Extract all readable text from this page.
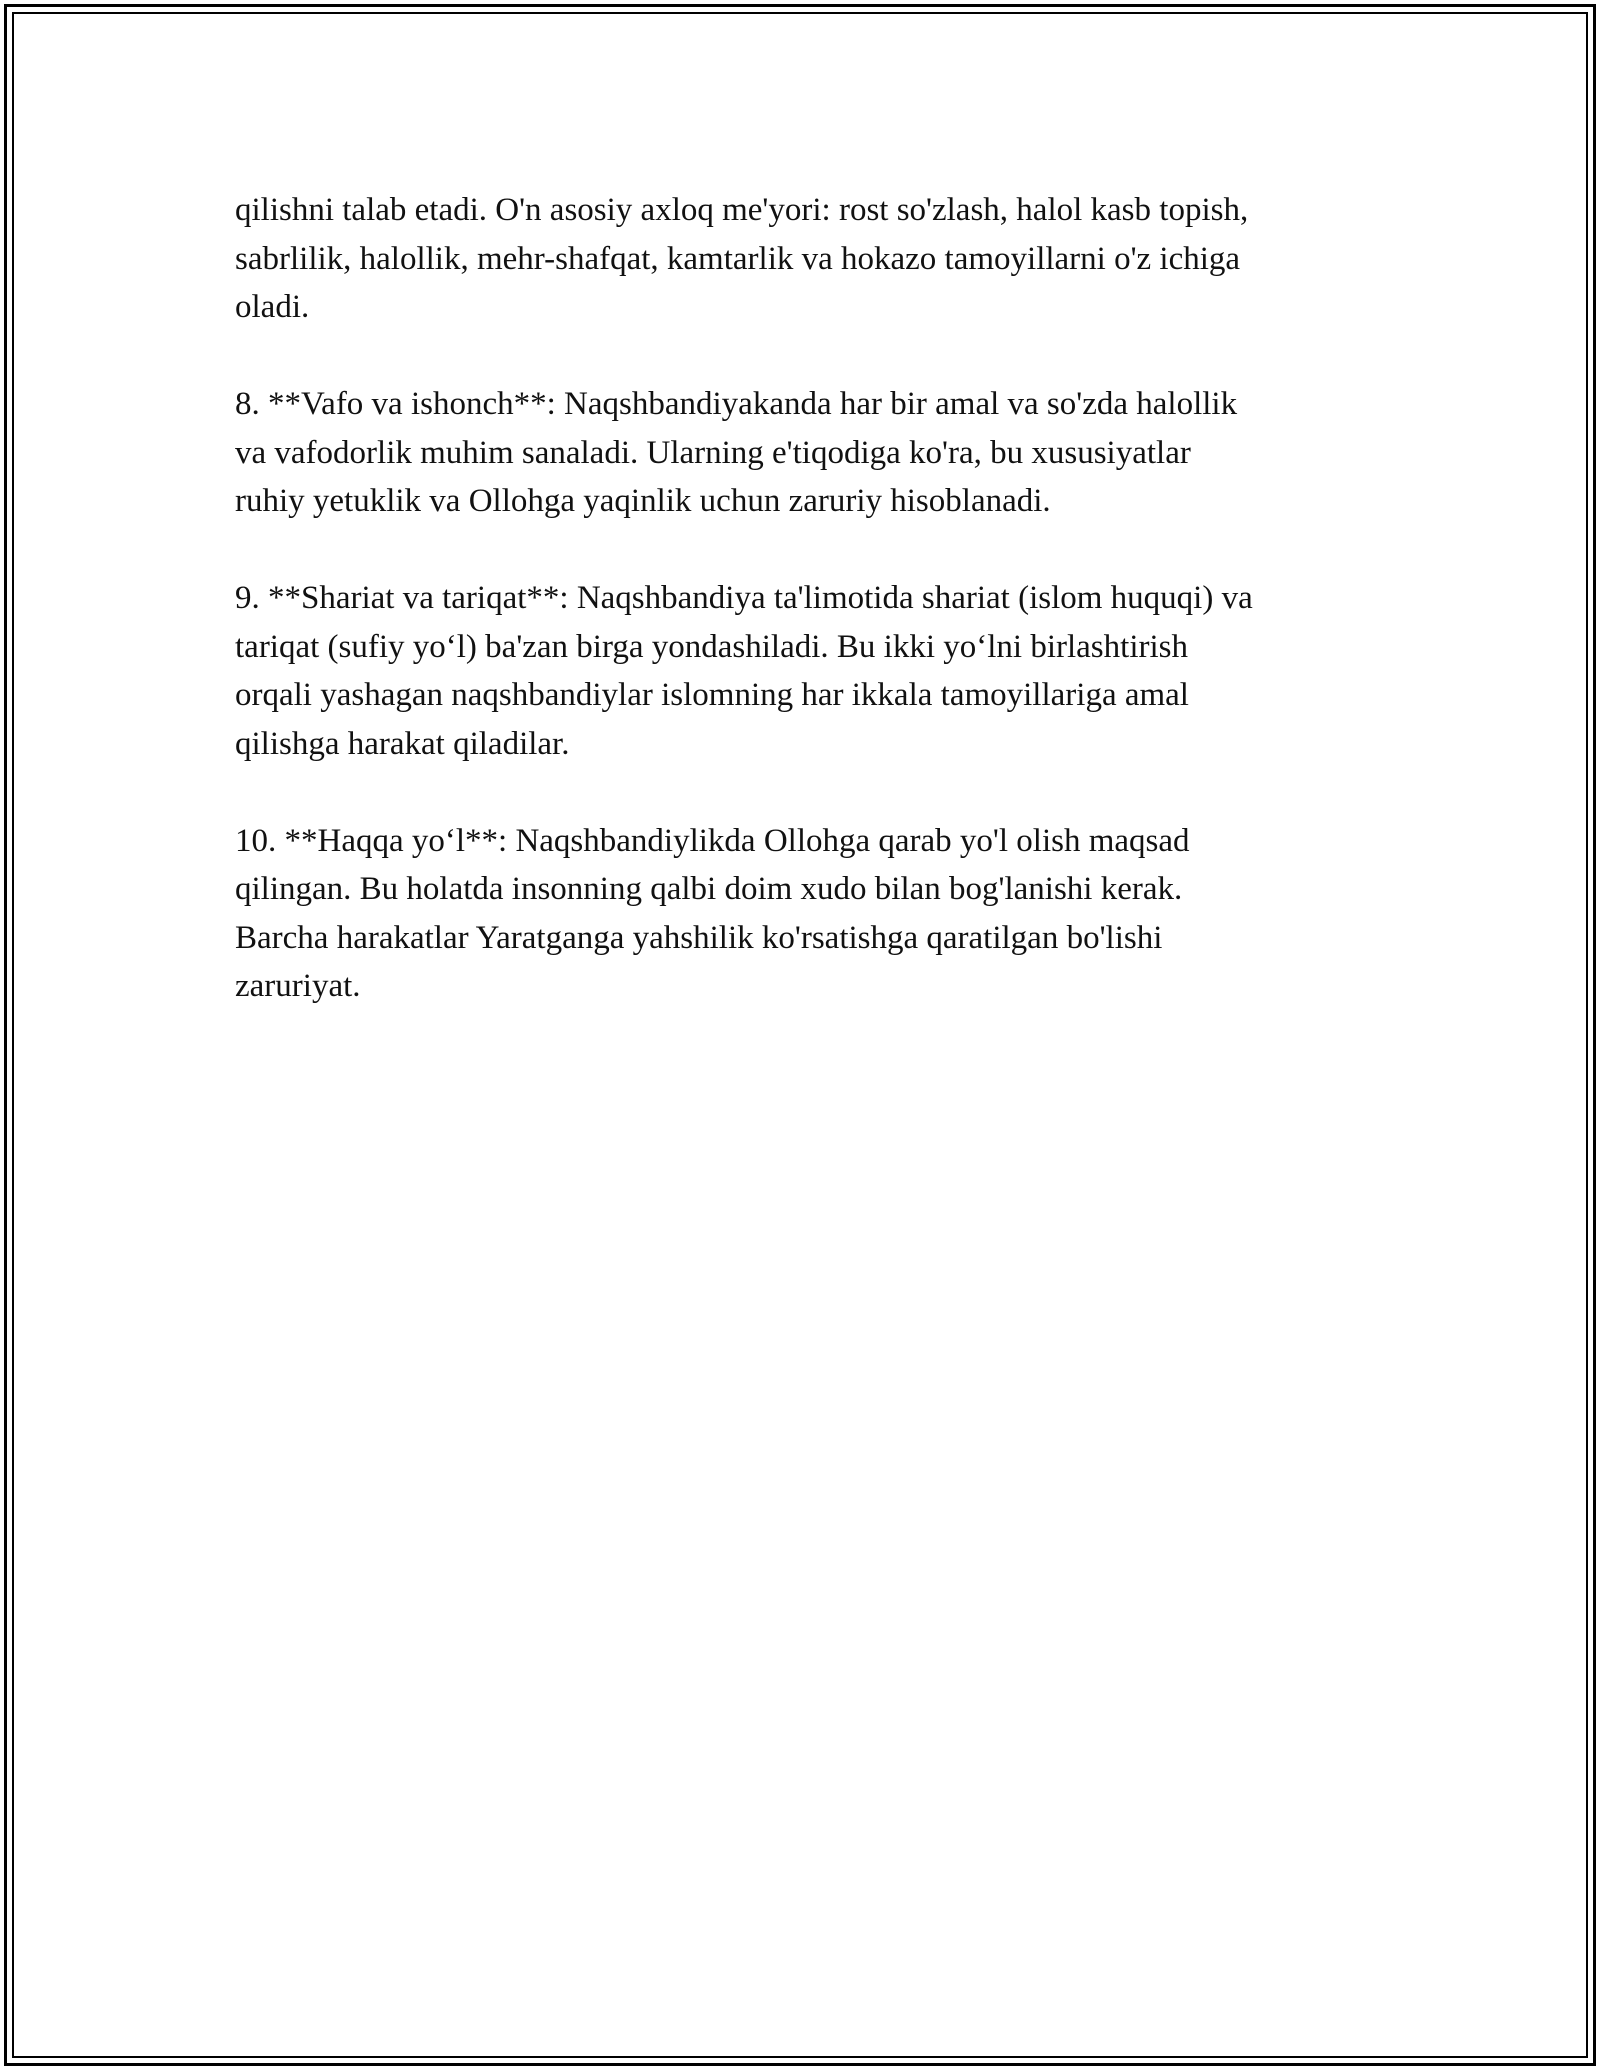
qilishni talab etadi. O'n asosiy axloq me'yori: rost so'zlash, halol kasb topish,
sabrlilik, halollik, mehr-shafqat, kamtarlik va hokazo tamoyillarni o'z ichiga
oladi.

8. **Vafo va ishonch**: Naqshbandiyakanda har bir amal va so'zda halollik
va vafodorlik muhim sanaladi. Ularning e'tiqodiga ko'ra, bu xususiyatlar
ruhiy yetuklik va Ollohga yaqinlik uchun zaruriy hisoblanadi.

9. **Shariat va tariqat**: Naqshbandiya ta'limotida shariat (islom huquqi) va
tariqat (sufiy yo‘l) ba'zan birga yondashiladi. Bu ikki yo‘lni birlashtirish
orqali yashagan naqshbandiylar islomning har ikkala tamoyillariga amal
qilishga harakat qiladilar.

10. **Haqqa yo‘l**: Naqshbandiylikda Ollohga qarab yo'l olish maqsad
qilingan. Bu holatda insonning qalbi doim xudo bilan bog'lanishi kerak.
Barcha harakatlar Yaratganga yahshilik ko'rsatishga qaratilgan bo'lishi
zaruriyat.
